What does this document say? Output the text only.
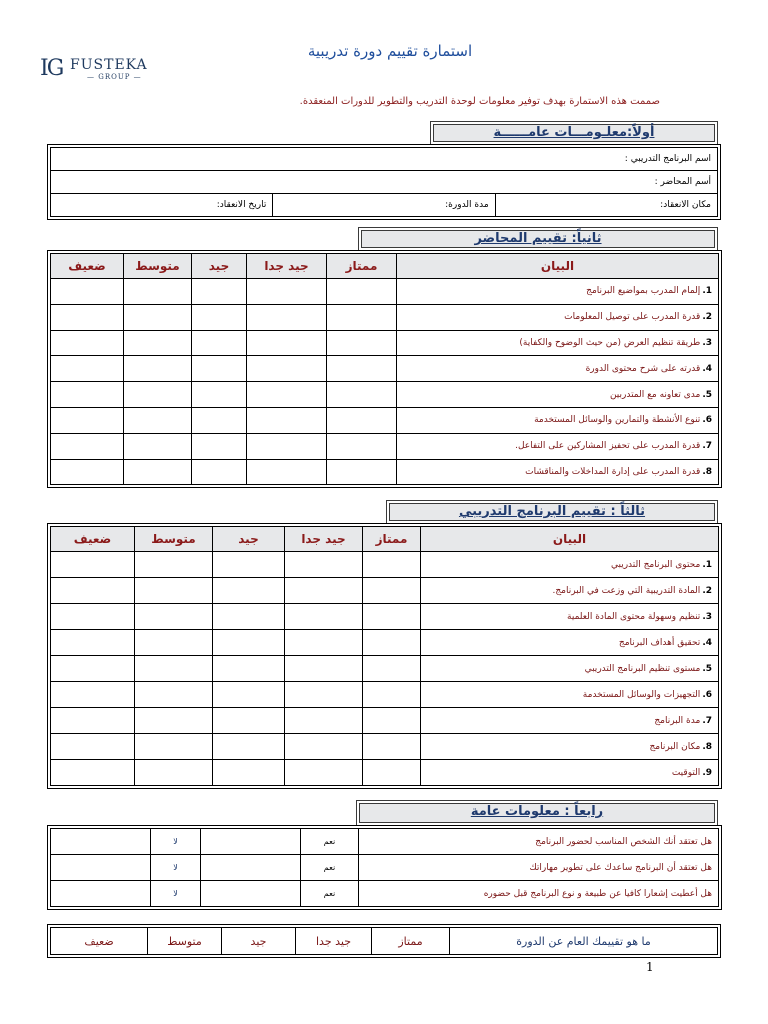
IG FUSTEKA
— GROUP —
استمارة تقييم دورة تدريبية
صممت هذه الاستمارة بهدف توفير معلومات لوحدة التدريب والتطوير للدورات المنعقدة.
أولاً:معلـومـــات عامــــــة
اسم البرنامج التدريبي :
أسم المحاضر :
مكان الانعقاد:	مدة الدورة:	تاريخ الانعقاد:
ثانياً: تقييم المحاضر
البيان	ممتاز	جيد جدا	جيد	متوسط	ضعيف
1.إلمام المدرب بمواضيع البرنامج					
2.قدرة المدرب على توصيل المعلومات					
3.طريقة تنظيم العرض (من حيث الوضوح والكفاية)					
4.قدرته على شرح محتوى الدورة					
5.مدى تعاونه مع المتدربين					
6.تنوع الأنشطة والتمارين والوسائل المستخدمة					
7.قدرة المدرب على تحفيز المشاركين على التفاعل.					
8.قدرة المدرب على إدارة المداخلات والمناقشات					
ثالثاً : تقييم البرنامج التدريبي
البيان	ممتاز	جيد جدا	جيد	متوسط	ضعيف
1.محتوى البرنامج التدريبي					
2.المادة التدريبية التي وزعت في البرنامج.					
3.تنظيم وسهولة محتوى المادة العلمية					
4.تحقيق أهداف البرنامج					
5.مستوى تنظيم البرنامج التدريبي					
6.التجهيزات والوسائل المستخدمة					
7.مدة البرنامج					
8.مكان البرنامج					
9.التوقيت					
رابعاً : معلومات عامة
هل تعتقد أنك الشخص المناسب لحضور البرنامج	نعم		لا	
هل تعتقد أن البرنامج ساعدك على تطوير مهاراتك	نعم		لا	
هل أعطيت إشعارا كافيا عن طبيعة و نوع البرنامج قبل حضوره	نعم		لا	
ما هو تقييمك العام عن الدورة	ممتاز	جيد جدا	جيد	متوسط	ضعيف
1
